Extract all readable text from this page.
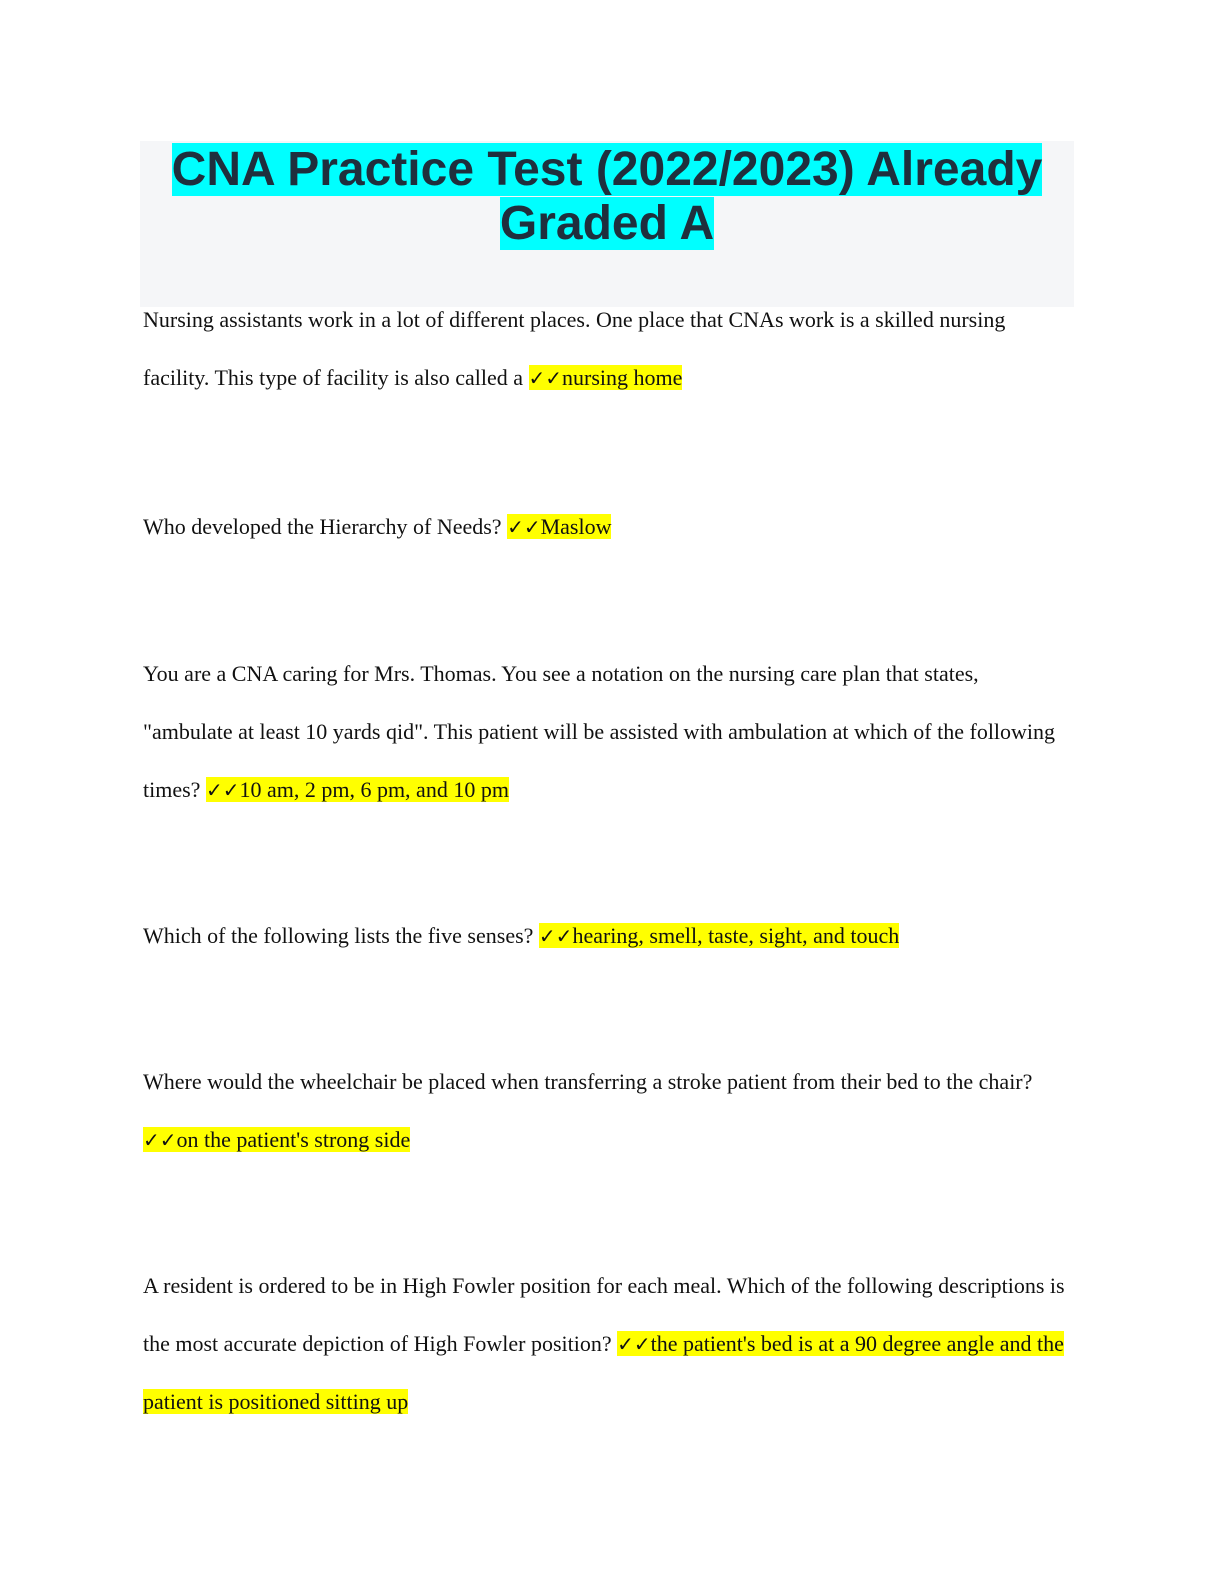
CNA Practice Test (2022/2023) Already
Graded A

Nursing assistants work in a lot of different places. One place that CNAs work is a skilled nursing facility. This type of facility is also called a ✓✓nursing home

Who developed the Hierarchy of Needs? ✓✓Maslow

You are a CNA caring for Mrs. Thomas. You see a notation on the nursing care plan that states, "ambulate at least 10 yards qid". This patient will be assisted with ambulation at which of the following times? ✓✓10 am, 2 pm, 6 pm, and 10 pm

Which of the following lists the five senses? ✓✓hearing, smell, taste, sight, and touch

Where would the wheelchair be placed when transferring a stroke patient from their bed to the chair? ✓✓on the patient's strong side

A resident is ordered to be in High Fowler position for each meal. Which of the following descriptions is the most accurate depiction of High Fowler position? ✓✓the patient's bed is at a 90 degree angle and the patient is positioned sitting up
